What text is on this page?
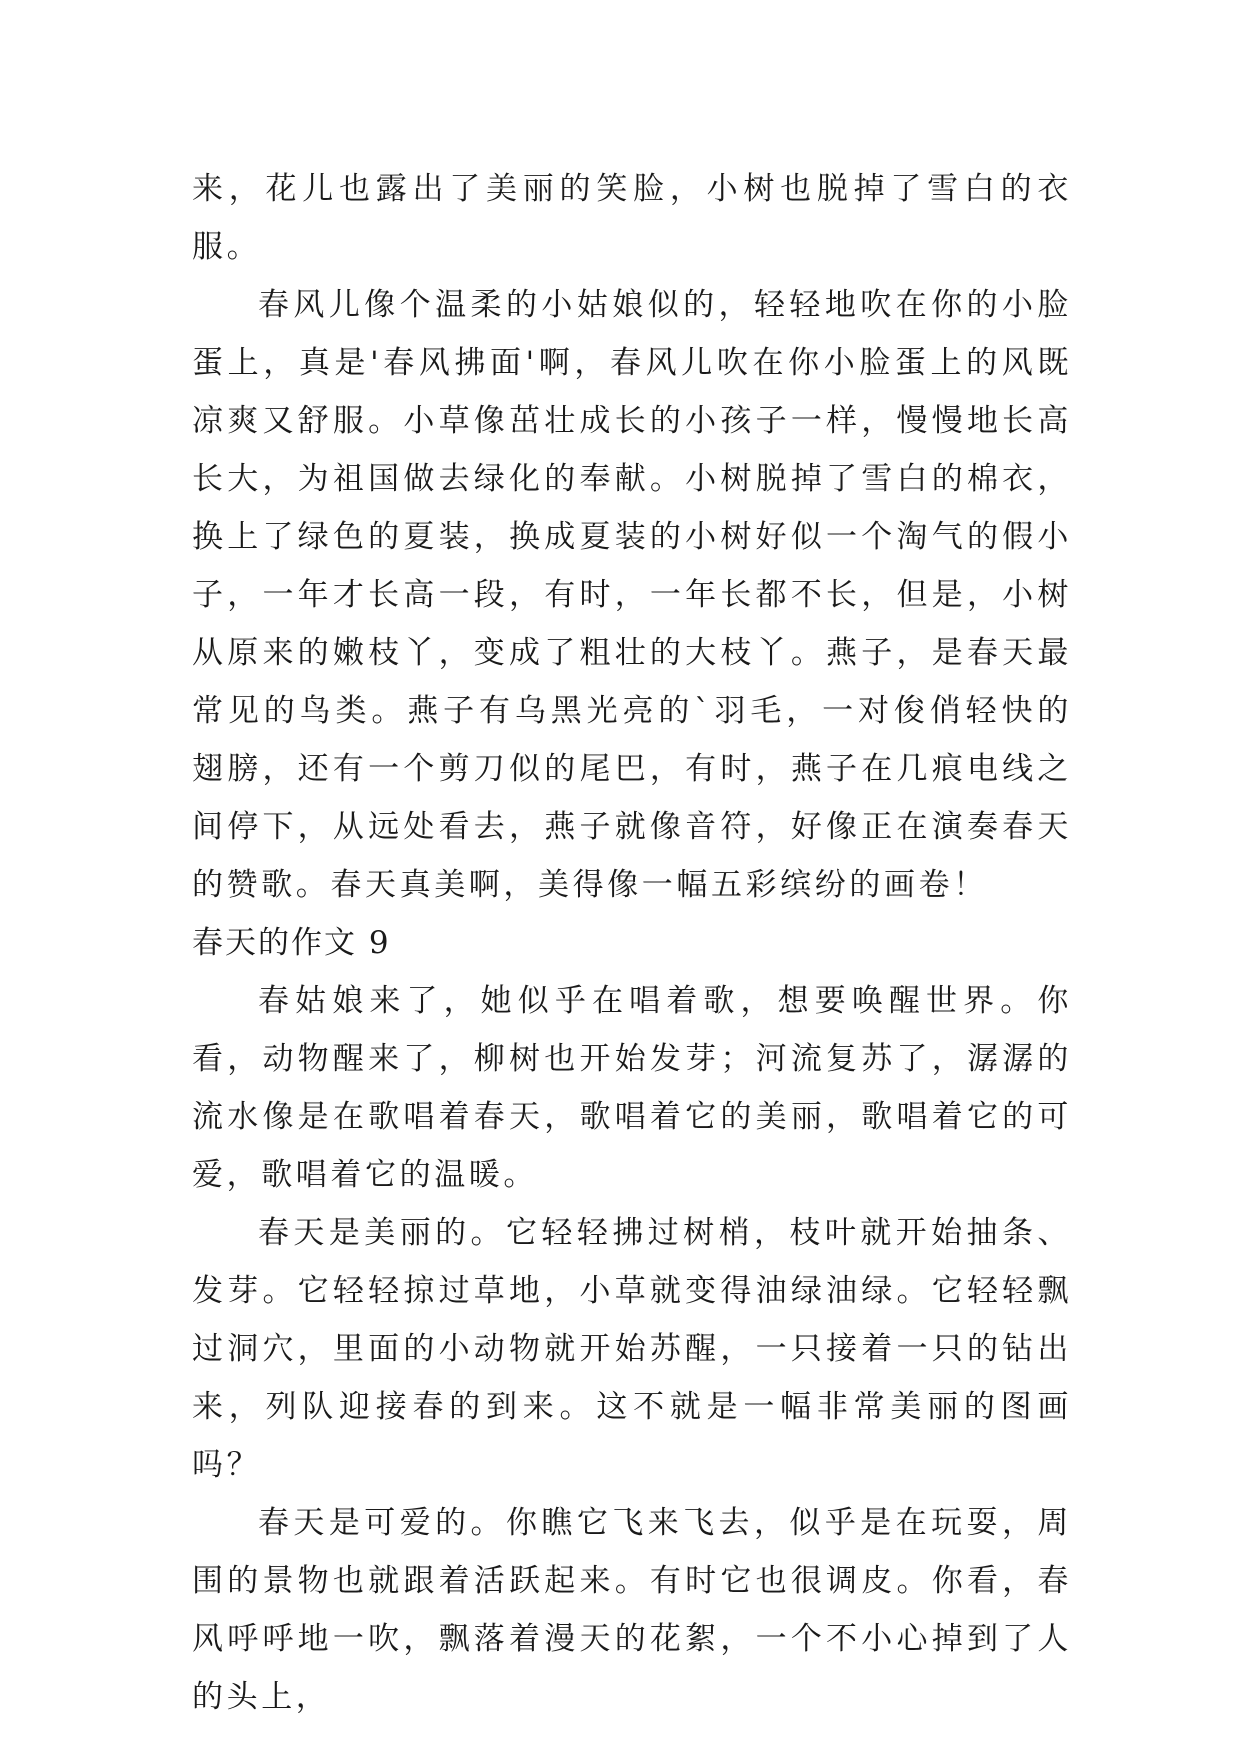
来，花儿也露出了美丽的笑脸，小树也脱掉了雪白的衣服。

春风儿像个温柔的小姑娘似的，轻轻地吹在你的小脸蛋上，真是'春风拂面'啊，春风儿吹在你小脸蛋上的风既凉爽又舒服。小草像茁壮成长的小孩子一样，慢慢地长高长大，为祖国做去绿化的奉献。小树脱掉了雪白的棉衣，换上了绿色的夏装，换成夏装的小树好似一个淘气的假小子，一年才长高一段，有时，一年长都不长，但是，小树从原来的嫩枝丫，变成了粗壮的大枝丫。燕子，是春天最常见的鸟类。燕子有乌黑光亮的`羽毛，一对俊俏轻快的翅膀，还有一个剪刀似的尾巴，有时，燕子在几痕电线之间停下，从远处看去，燕子就像音符，好像正在演奏春天的赞歌。春天真美啊，美得像一幅五彩缤纷的画卷！

春天的作文 9

春姑娘来了，她似乎在唱着歌，想要唤醒世界。你看，动物醒来了，柳树也开始发芽；河流复苏了，潺潺的流水像是在歌唱着春天，歌唱着它的美丽，歌唱着它的可爱，歌唱着它的温暖。

春天是美丽的。它轻轻拂过树梢，枝叶就开始抽条、发芽。它轻轻掠过草地，小草就变得油绿油绿。它轻轻飘过洞穴，里面的小动物就开始苏醒，一只接着一只的钻出来，列队迎接春的到来。这不就是一幅非常美丽的图画吗？

春天是可爱的。你瞧它飞来飞去，似乎是在玩耍，周围的景物也就跟着活跃起来。有时它也很调皮。你看，春风呼呼地一吹，飘落着漫天的花絮，一个不小心掉到了人的头上，
